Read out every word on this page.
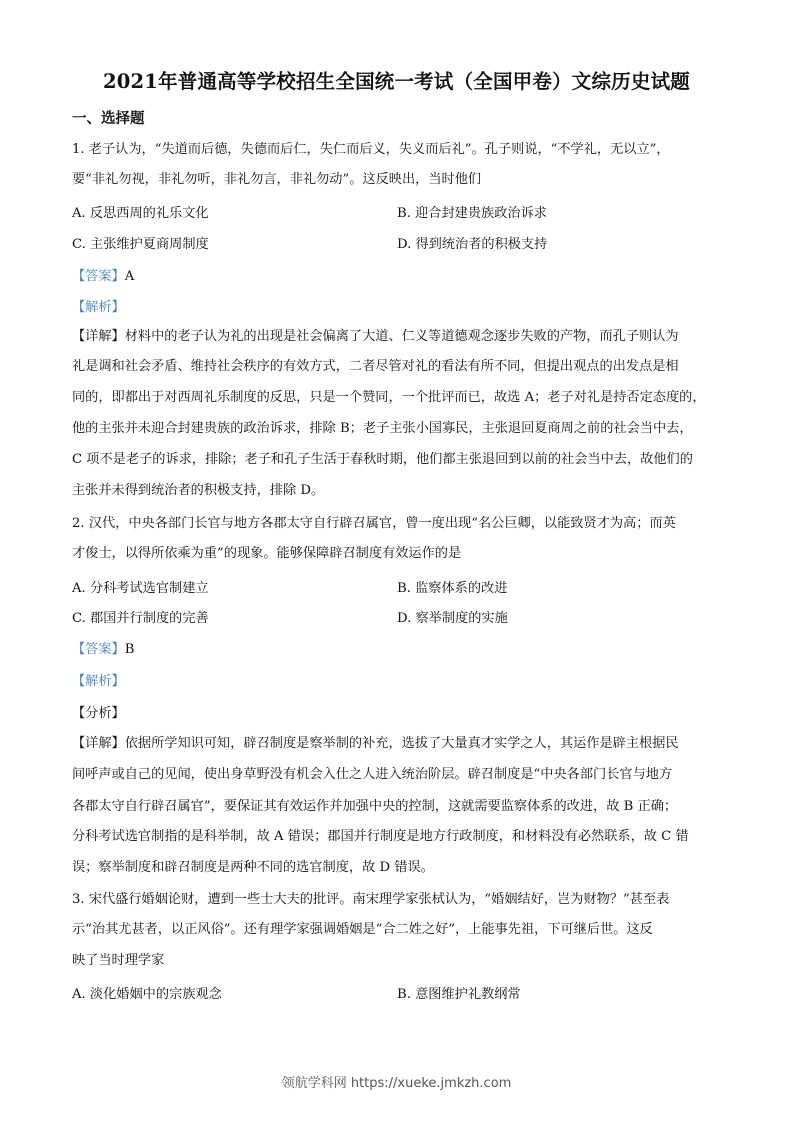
2021年普通高等学校招生全国统一考试（全国甲卷）文综历史试题
一、选择题
1. 老子认为，“失道而后德，失德而后仁，失仁而后义，失义而后礼”。孔子则说，“不学礼，无以立”，
要“非礼勿视，非礼勿听，非礼勿言，非礼勿动”。这反映出，当时他们
A. 反思西周的礼乐文化	B. 迎合封建贵族政治诉求
C. 主张维护夏商周制度	D. 得到统治者的积极支持
【答案】A
【解析】
【详解】材料中的老子认为礼的出现是社会偏离了大道、仁义等道德观念逐步失败的产物，而孔子则认为
礼是调和社会矛盾、维持社会秩序的有效方式，二者尽管对礼的看法有所不同，但提出观点的出发点是相
同的，即都出于对西周礼乐制度的反思，只是一个赞同，一个批评而已，故选 A；老子对礼是持否定态度的，
他的主张并未迎合封建贵族的政治诉求，排除 B；老子主张小国寡民，主张退回夏商周之前的社会当中去，
C 项不是老子的诉求，排除；老子和孔子生活于春秋时期，他们都主张退回到以前的社会当中去，故他们的
主张并未得到统治者的积极支持，排除 D。
2. 汉代，中央各部门长官与地方各郡太守自行辟召属官，曾一度出现“名公巨卿，以能致贤才为高；而英
才俊士，以得所依乘为重”的现象。能够保障辟召制度有效运作的是
A. 分科考试选官制建立	B. 监察体系的改进
C. 郡国并行制度的完善	D. 察举制度的实施
【答案】B
【解析】
【分析】
【详解】依据所学知识可知，辟召制度是察举制的补充，选拔了大量真才实学之人，其运作是辟主根据民
间呼声或自己的见闻，使出身草野没有机会入仕之人进入统治阶层。辟召制度是“中央各部门长官与地方
各郡太守自行辟召属官”，要保证其有效运作并加强中央的控制，这就需要监察体系的改进，故 B 正确；
分科考试选官制指的是科举制，故 A 错误；郡国并行制度是地方行政制度，和材料没有必然联系，故 C 错
误；察举制度和辟召制度是两种不同的选官制度，故 D 错误。
3. 宋代盛行婚姻论财，遭到一些士大夫的批评。南宋理学家张栻认为，“婚姻结好，岂为财物？”甚至表
示“治其尤甚者，以正风俗”。还有理学家强调婚姻是“合二姓之好”，上能事先祖，下可继后世。这反
映了当时理学家
A. 淡化婚姻中的宗族观念	B. 意图维护礼教纲常
领航学科网 https://xueke.jmkzh.com
